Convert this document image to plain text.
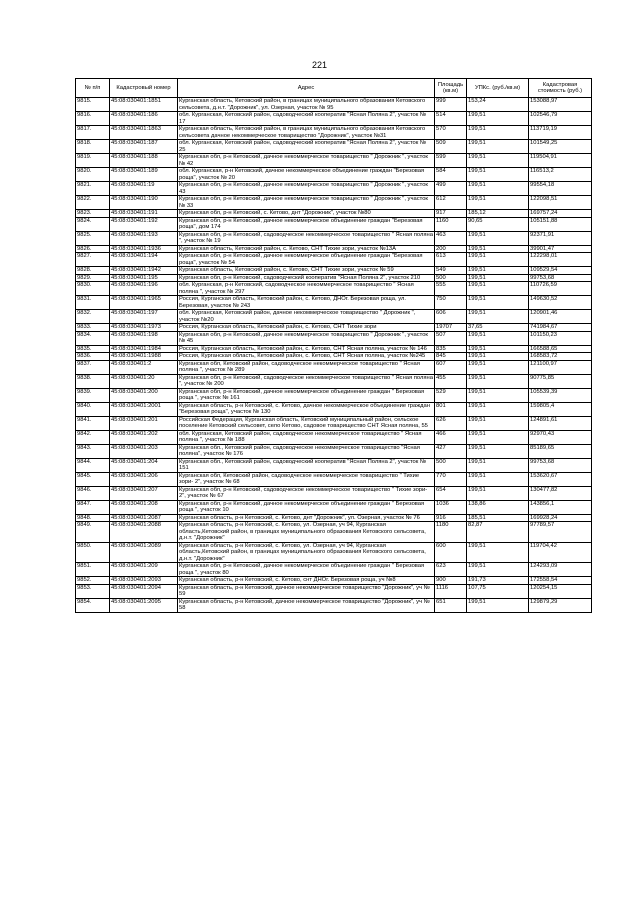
221
№ п/п	Кадастровый номер	Адрес	Площадь (кв.м)	УПКс. (руб./кв.м)	Кадастровая стоимость (руб.)
9815.	45:08:030401:1851	Курганская область, Кетовский район, в границах муниципального образования Кетовского сельсовета, д.н.т. "Дорожник", ул. Озерная, участок № 95	999	153,24	153088,97
9816.	45:08:030401:186	обл. Курганская, Кетовский район, садоводческий кооператив "Ясная Поляна 2", участок № 17	514	199,51	102546,79
9817.	45:08:030401:1863	Курганская область, Кетовский район, в границах муниципального образования Кетовского сельсовета дачное некоммерческое товарищество "Дорожник", участок №31	570	199,51	113719,19
9818.	45:08:030401:187	обл. Курганская, Кетовский район, садоводческий кооператив "Ясная Поляна 2", участок № 25	509	199,51	101549,25
9819.	45:08:030401:188	Курганская обл, р-н Кетовский, дачное некоммерческое товарищество " Дорожник ", участок № 42	599	199,51	119504,91
9820.	45:08:030401:189	обл. Курганская, р-н Кетовский, дачное некоммерческое объединение граждан "Березовая роща", участок № 20	584	199,51	116513,2
9821.	45:08:030401:19	Курганская обл, р-н Кетовский, дачное некоммерческое товарищество " Дорожник ", участок 43	499	199,51	99554,18
9822.	45:08:030401:190	Курганская обл, р-н Кетовский, дачное некоммерческое товарищество " Дорожник ", участок № 33	612	199,51	122098,51
9823.	45:08:030401:191	Курганская обл, р-н Кетовский, с. Кетово, днт "Дорожник", участок №80	917	185,12	169757,24
9824.	45:08:030401:192	Курганская обл, р-н Кетовский, дачное некоммерческое объединение граждан "Березовая роща", дом 174	1160	90,65	105151,88
9825.	45:08:030401:193	Курганская обл, р-н Кетовский, садоводческое некоммерческое товарищество " Ясная поляна ", участок № 19	463	199,51	92371,91
9826.	45:08:030401:1936	Курганская область, Кетовский район, с. Кетово, СНТ Тихие зори, участок №13А	200	199,51	39901,47
9827.	45:08:030401:194	Курганская обл, р-н Кетовский, дачное некоммерческое объединение граждан "Березовая роща", участок № 54	613	199,51	122298,01
9828.	45:08:030401:1942	Курганская область, Кетовский район, с. Кетово, СНТ Тихие зори, участок № 59	549	199,51	109529,54
9829.	45:08:030401:195	Курганская обл, р-н Кетовский, садоводческий кооператив "Ясная Поляна 2", участок 210	500	199,51	99753,68
9830.	45:08:030401:196	обл. Курганская, р-н Кетовский, садоводческое некоммерческое товарищество " Ясная поляна ", участок № 297	555	199,51	110726,59
9831.	45:08:030401:1965	Россия, Курганская область, Кетовский район, с. Кетово, ДНОг. Березовая роща, ул. Березовая, участок № 243	750	199,51	149630,52
9832.	45:08:030401:197	обл. Курганская, Кетовский район, дачное некоммерческое товарищество " Дорожник ", участок №20	606	199,51	120901,46
9833.	45:08:030401:1973	Россия, Курганская область, Кетовский район, с. Кетово, СНТ Тихие зори	19707	37,65	741984,67
9834.	45:08:030401:198	Курганская обл, р-н Кетовский, дачное некоммерческое товарищество " Дорожник ", участок № 45	507	199,51	101150,23
9835.	45:08:030401:1984	Россия, Курганская область, Кетовский район, с. Кетово, СНТ Ясная поляна, участок № 146	835	199,51	166588,65
9836.	45:08:030401:1988	Россия, Курганская область, Кетовский район, с. Кетово, СНТ Ясная поляна, участок №245	845	199,51	168583,72
9837.	45:08:030401:2	Курганская обл, Кетовский район, садоводческое некоммерческое товарищество " Ясная поляна ", участок № 289	607	199,51	121100,97
9838.	45:08:030401:20	Курганская обл, р-н Кетовский, садоводческое некоммерческое товарищество " Ясная поляна ", участок № 200	455	199,51	90775,85
9839.	45:08:030401:200	Курганская обл, р-н Кетовский, дачное некоммерческое объединение граждан " Березовая роща ", участок № 161	529	199,51	105539,39
9840.	45:08:030401:2001	Курганская область, р-н Кетовский, с. Кетово, дачное некоммерческое объединение граждан "Березовая роща", участок № 130	801	199,51	159805,4
9841.	45:08:030401:201	Российская Федерация, Курганская область, Кетовский муниципальный район, сельское поселение Кетовский сельсовет, село Кетово, садовое товарищество СНТ Ясная поляна, 55	626	199,51	124891,61
9842.	45:08:030401:202	обл. Курганская, Кетовский район, садоводческое некоммерческое товарищество " Ясная поляна ", участок № 188	466	199,51	92970,43
9843.	45:08:030401:203	Курганская обл., Кетовский район, садоводческое некоммерческое товарищество "Ясная поляна", участок № 176	427	199,51	85189,65
9844.	45:08:030401:204	Курганская обл., Кетовский район, садоводческий кооператив "Ясная Поляна 2", участок № 151	500	199,51	99753,68
9845.	45:08:030401:206	Курганская обл, Кетовский район, садоводческое некоммерческое товарищество " Тихие зори- 2", участок № 68	770	199,51	153620,67
9846.	45:08:030401:207	Курганская обл, р-н Кетовский, садоводческое некоммерческое товарищество " Тихие зори- 2", участок № 67	654	199,51	130477,82
9847.	45:08:030401:208	Курганская обл, р-н Кетовский, дачное некоммерческое объединение граждан " Березовая роща ", участок 10	1036	138,86	143856,1
9848.	45:08:030401:2087	Курганская область, р-н Кетовский, с. Кетово, днт "Дорожник", ул. Озерная, участок № 76	916	185,51	169928,24
9849.	45:08:030401:2088	Курганская область, р-н Кетовский, с. Кетово, ул. Озерная, уч 94, Курганская область,Кетовский район, в границах муниципального образования Кетовского сельсовета, д.н.т. "Дорожник"	1180	82,87	97789,57
9850.	45:08:030401:2089	Курганская область, р-н Кетовский, с. Кетово, ул. Озерная, уч 94, Курганская область,Кетовский район, в границах муниципального образования Кетовского сельсовета, д.н.т. "Дорожник"	600	199,51	119704,42
9851.	45:08:030401:209	Курганская обл, р-н Кетовский, дачное некоммерческое объединение граждан " Березовая роща ", участок 80	623	199,51	124293,09
9852.	45:08:030401:2093	Курганская область, р-н Кетовский, с. Кетово, снт ДНОг. Березовая роща, уч №8	900	191,73	172558,54
9853.	45:08:030401:2094	Курганская область, р-н Кетовский, дачное некоммерческое товарищество "Дорожник", уч № 59	1116	107,75	120254,15
9854.	45:08:030401:2095	Курганская область, р-н Кетовский, дачное некоммерческое товарищество "Дорожник", уч № 58	651	199,51	129879,29
